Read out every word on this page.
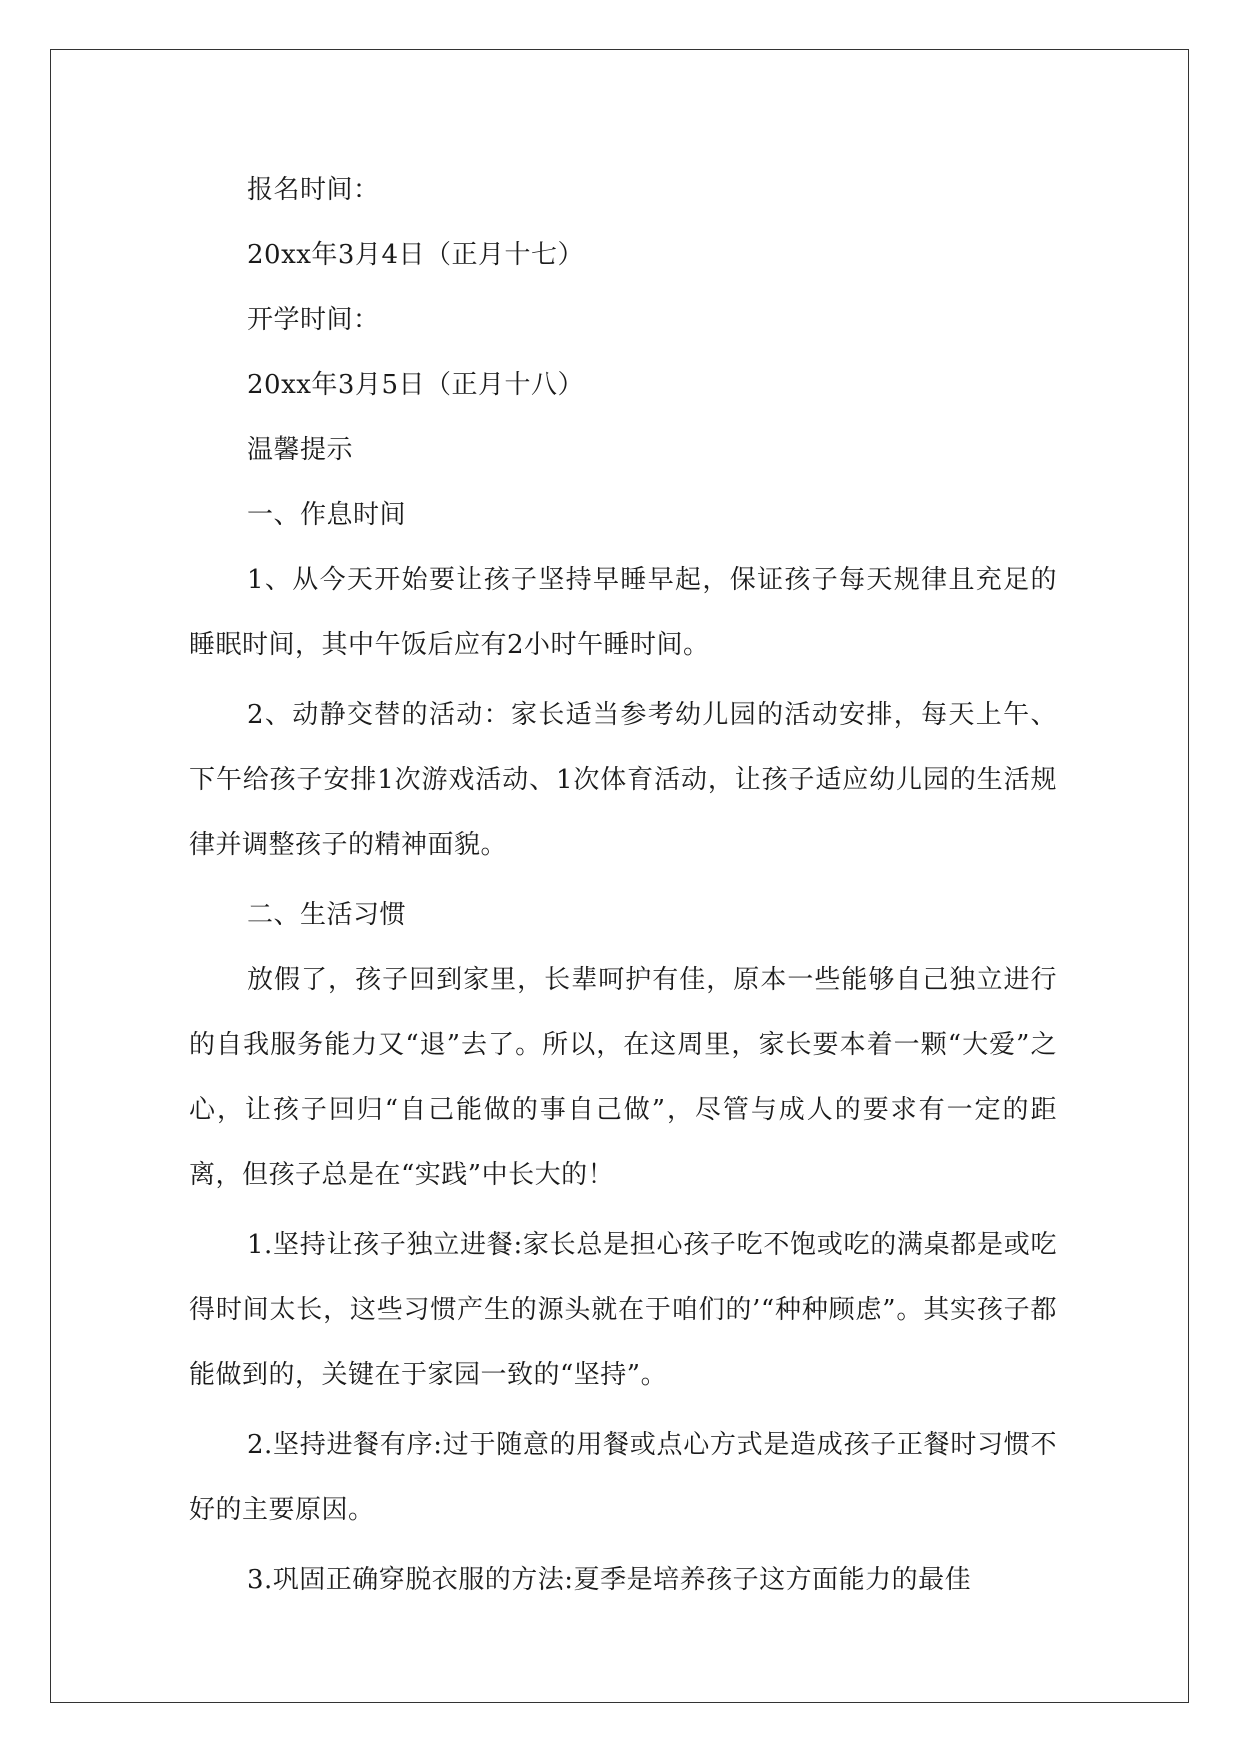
报名时间：

20xx年3月4日（正月十七）

开学时间：

20xx年3月5日（正月十八）

温馨提示

一、作息时间

1、从今天开始要让孩子坚持早睡早起，保证孩子每天规律且充足的睡眠时间，其中午饭后应有2小时午睡时间。

2、动静交替的活动：家长适当参考幼儿园的活动安排，每天上午、下午给孩子安排1次游戏活动、1次体育活动，让孩子适应幼儿园的生活规律并调整孩子的精神面貌。

二、生活习惯

放假了，孩子回到家里，长辈呵护有佳，原本一些能够自己独立进行的自我服务能力又“退”去了。所以，在这周里，家长要本着一颗“大爱”之心，让孩子回归“自己能做的事自己做”，尽管与成人的要求有一定的距离，但孩子总是在“实践”中长大的！

1.坚持让孩子独立进餐:家长总是担心孩子吃不饱或吃的满桌都是或吃得时间太长，这些习惯产生的源头就在于咱们的’“种种顾虑”。其实孩子都能做到的，关键在于家园一致的“坚持”。

2.坚持进餐有序:过于随意的用餐或点心方式是造成孩子正餐时习惯不好的主要原因。

3.巩固正确穿脱衣服的方法:夏季是培养孩子这方面能力的最佳
